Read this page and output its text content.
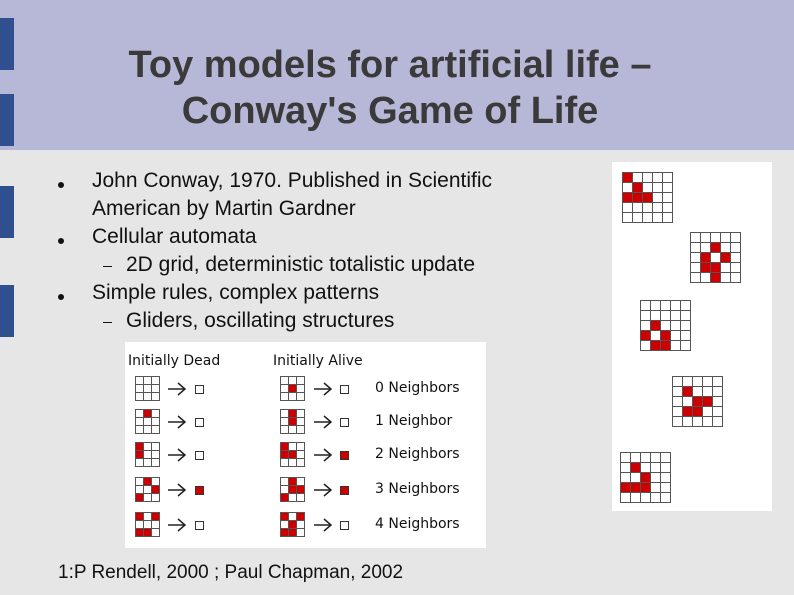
Toy models for artificial life –
Conway's Game of Life
John Conway, 1970. Published in Scientific
American by Martin Gardner
Cellular automata
2D grid, deterministic totalistic update
Simple rules, complex patterns
Gliders, oscillating structures
Initially Dead	Initially Alive
0 Neighbors
1 Neighbor
2 Neighbors
3 Neighbors
4 Neighbors
1:P Rendell, 2000 ; Paul Chapman, 2002
